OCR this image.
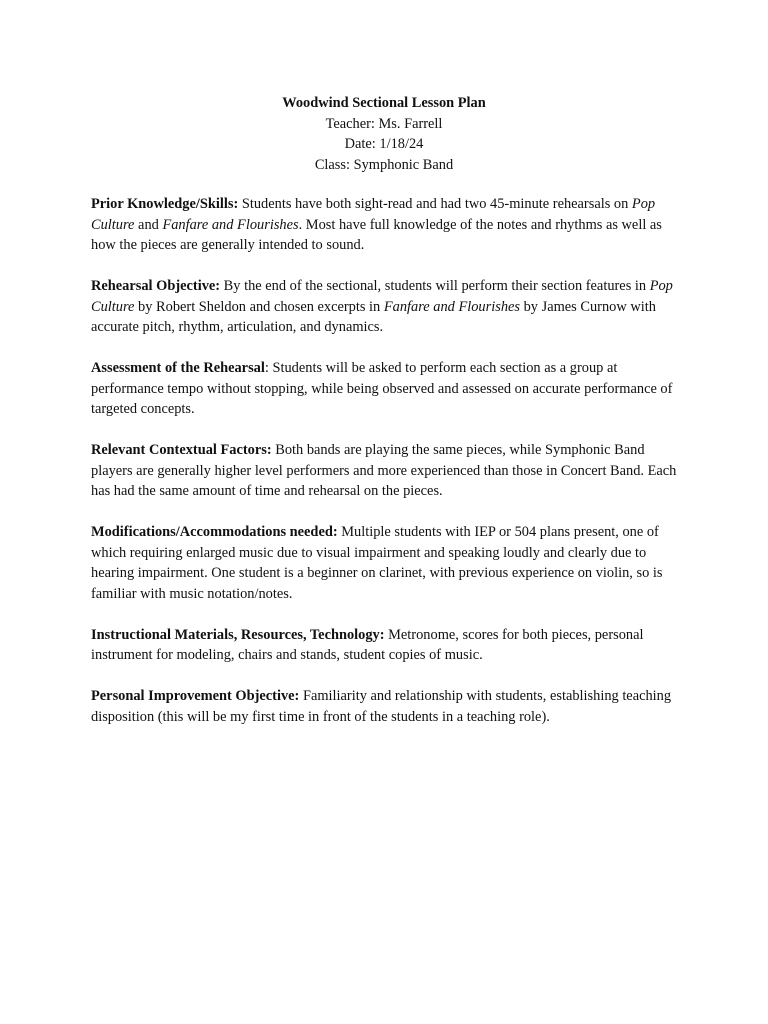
Woodwind Sectional Lesson Plan
Teacher: Ms. Farrell
Date: 1/18/24
Class: Symphonic Band
Prior Knowledge/Skills: Students have both sight-read and had two 45-minute rehearsals on Pop Culture and Fanfare and Flourishes. Most have full knowledge of the notes and rhythms as well as how the pieces are generally intended to sound.
Rehearsal Objective: By the end of the sectional, students will perform their section features in Pop Culture by Robert Sheldon and chosen excerpts in Fanfare and Flourishes by James Curnow with accurate pitch, rhythm, articulation, and dynamics.
Assessment of the Rehearsal: Students will be asked to perform each section as a group at performance tempo without stopping, while being observed and assessed on accurate performance of targeted concepts.
Relevant Contextual Factors: Both bands are playing the same pieces, while Symphonic Band players are generally higher level performers and more experienced than those in Concert Band. Each has had the same amount of time and rehearsal on the pieces.
Modifications/Accommodations needed: Multiple students with IEP or 504 plans present, one of which requiring enlarged music due to visual impairment and speaking loudly and clearly due to hearing impairment. One student is a beginner on clarinet, with previous experience on violin, so is familiar with music notation/notes.
Instructional Materials, Resources, Technology: Metronome, scores for both pieces, personal instrument for modeling, chairs and stands, student copies of music.
Personal Improvement Objective: Familiarity and relationship with students, establishing teaching disposition (this will be my first time in front of the students in a teaching role).
